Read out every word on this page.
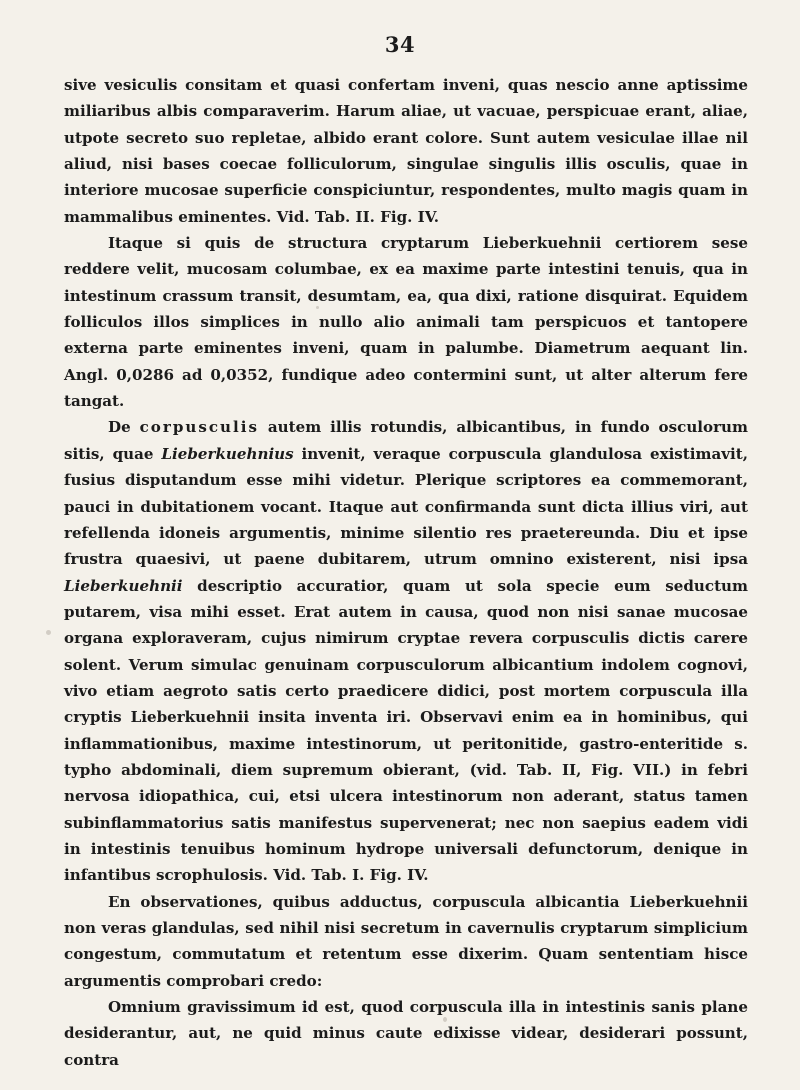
34

sive vesiculis consitam et quasi confertam inveni, quas nescio anne aptissime miliaribus albis comparaverim. Harum aliae, ut vacuae, perspicuae erant, aliae, utpote secreto suo repletae, albido erant colore. Sunt autem vesiculae illae nil aliud, nisi bases coecae folliculorum, singulae singulis illis osculis, quae in interiore mucosae superficie conspiciuntur, respondentes, multo magis quam in mammalibus eminentes. Vid. Tab. II. Fig. IV.

Itaque si quis de structura cryptarum Lieberkuehnii certiorem sese reddere velit, mucosam columbae, ex ea maxime parte intestini tenuis, qua in intestinum crassum transit, desumtam, ea, qua dixi, ratione disquirat. Equidem folliculos illos simplices in nullo alio animali tam perspicuos et tantopere externa parte eminentes inveni, quam in palumbe. Diametrum aequant lin. Angl. 0,0286 ad 0,0352, fundique adeo contermini sunt, ut alter alterum fere tangat.

De corpusculis autem illis rotundis, albicantibus, in fundo osculorum sitis, quae Lieberkuehnius invenit, veraque corpuscula glandulosa existimavit, fusius disputandum esse mihi videtur. Plerique scriptores ea commemorant, pauci in dubitationem vocant. Itaque aut confirmanda sunt dicta illius viri, aut refellenda idoneis argumentis, minime silentio res praetereunda. Diu et ipse frustra quaesivi, ut paene dubitarem, utrum omnino existerent, nisi ipsa Lieberkuehnii descriptio accuratior, quam ut sola specie eum seductum putarem, visa mihi esset. Erat autem in causa, quod non nisi sanae mucosae organa exploraveram, cujus nimirum cryptae revera corpusculis dictis carere solent. Verum simulac genuinam corpusculorum albicantium indolem cognovi, vivo etiam aegroto satis certo praedicere didici, post mortem corpuscula illa cryptis Lieberkuehnii insita inventa iri. Observavi enim ea in hominibus, qui inflammationibus, maxime intestinorum, ut peritonitide, gastro-enteritide s. typho abdominali, diem supremum obierant, (vid. Tab. II, Fig. VII.) in febri nervosa idiopathica, cui, etsi ulcera intestinorum non aderant, status tamen subinflammatorius satis manifestus supervenerat; nec non saepius eadem vidi in intestinis tenuibus hominum hydrope universali defunctorum, denique in infantibus scrophulosis. Vid. Tab. I. Fig. IV.

En observationes, quibus adductus, corpuscula albicantia Lieberkuehnii non veras glandulas, sed nihil nisi secretum in cavernulis cryptarum simplicium congestum, commutatum et retentum esse dixerim. Quam sententiam hisce argumentis comprobari credo:

Omnium gravissimum id est, quod corpuscula illa in intestinis sanis plane desiderantur, aut, ne quid minus caute edixisse videar, desiderari possunt, contra
